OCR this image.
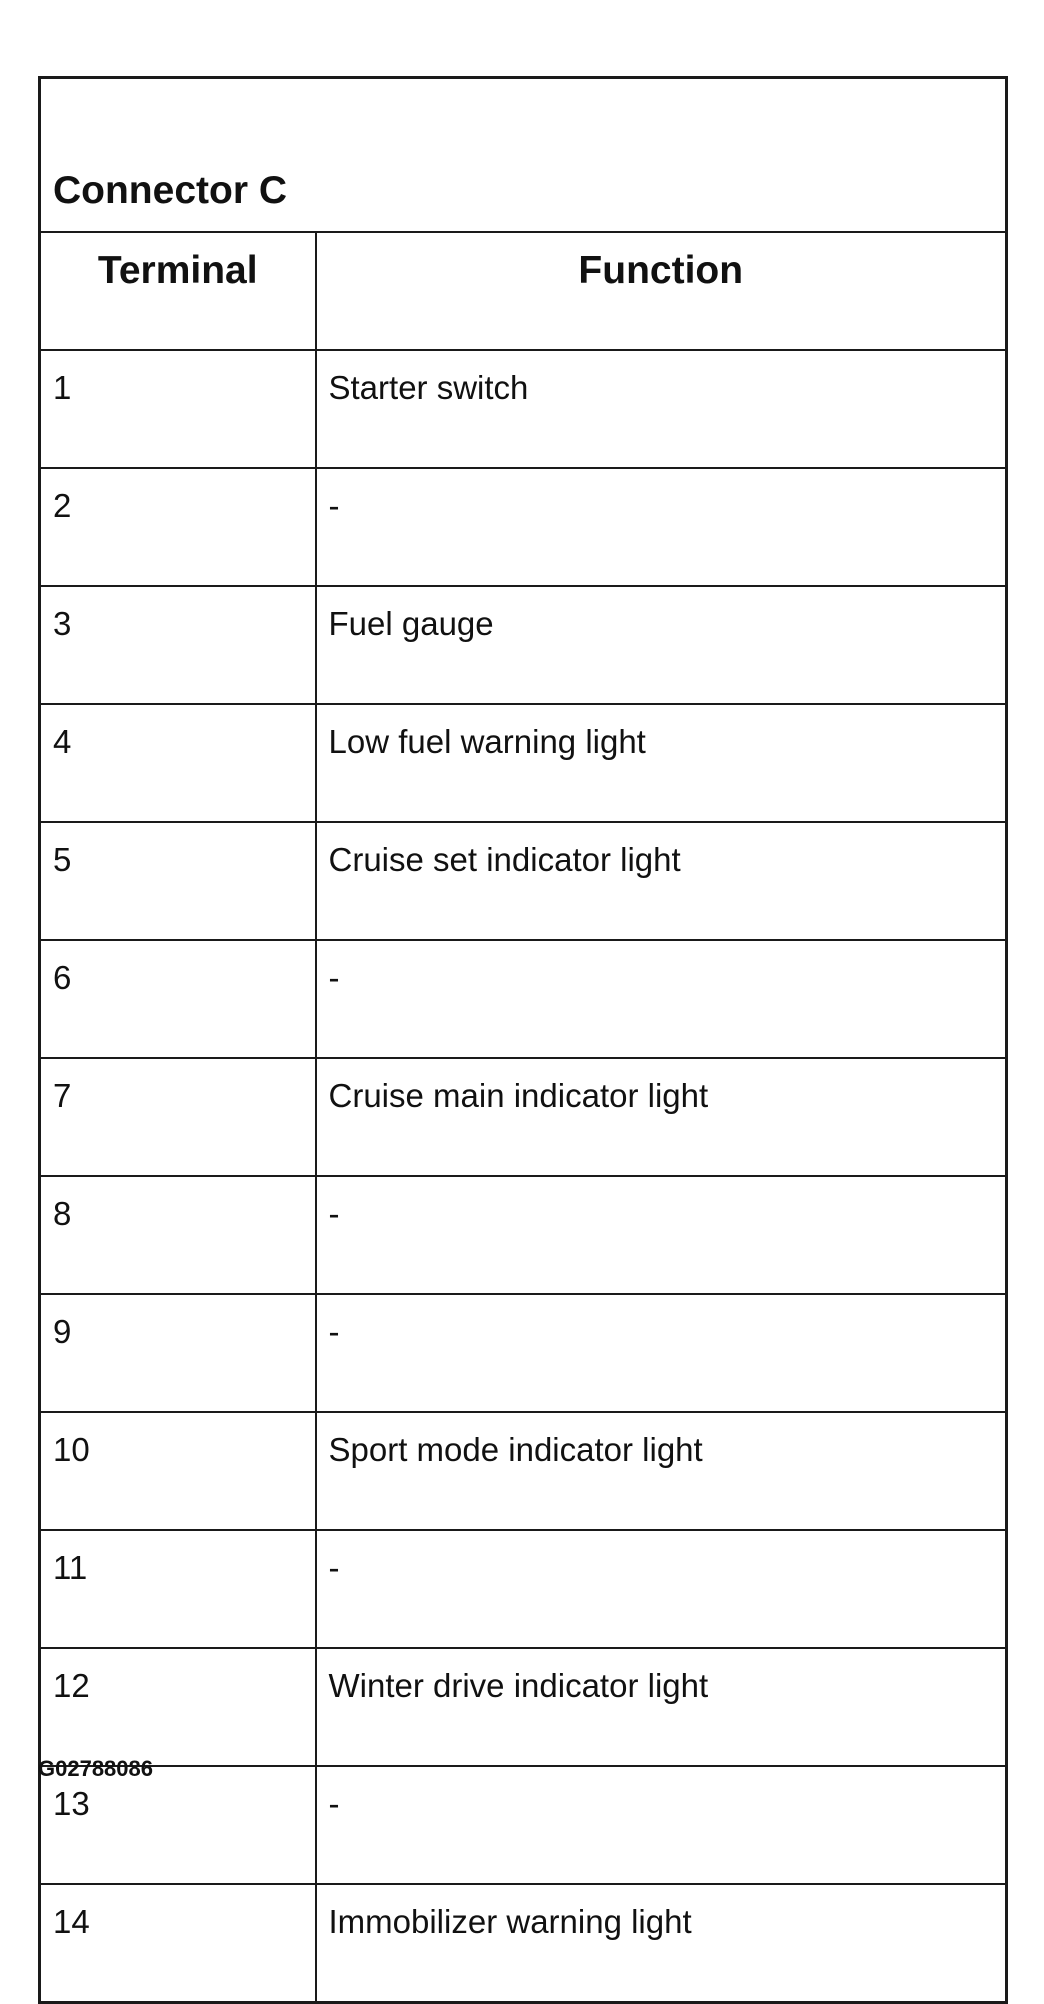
Connector C	
Terminal	Function
1	Starter switch
2	-
3	Fuel gauge
4	Low fuel warning light
5	Cruise set indicator light
6	-
7	Cruise main indicator light
8	-
9	-
10	Sport mode indicator light
11	-
12	Winter drive indicator light
13	-
14	Immobilizer warning light
G02788086
